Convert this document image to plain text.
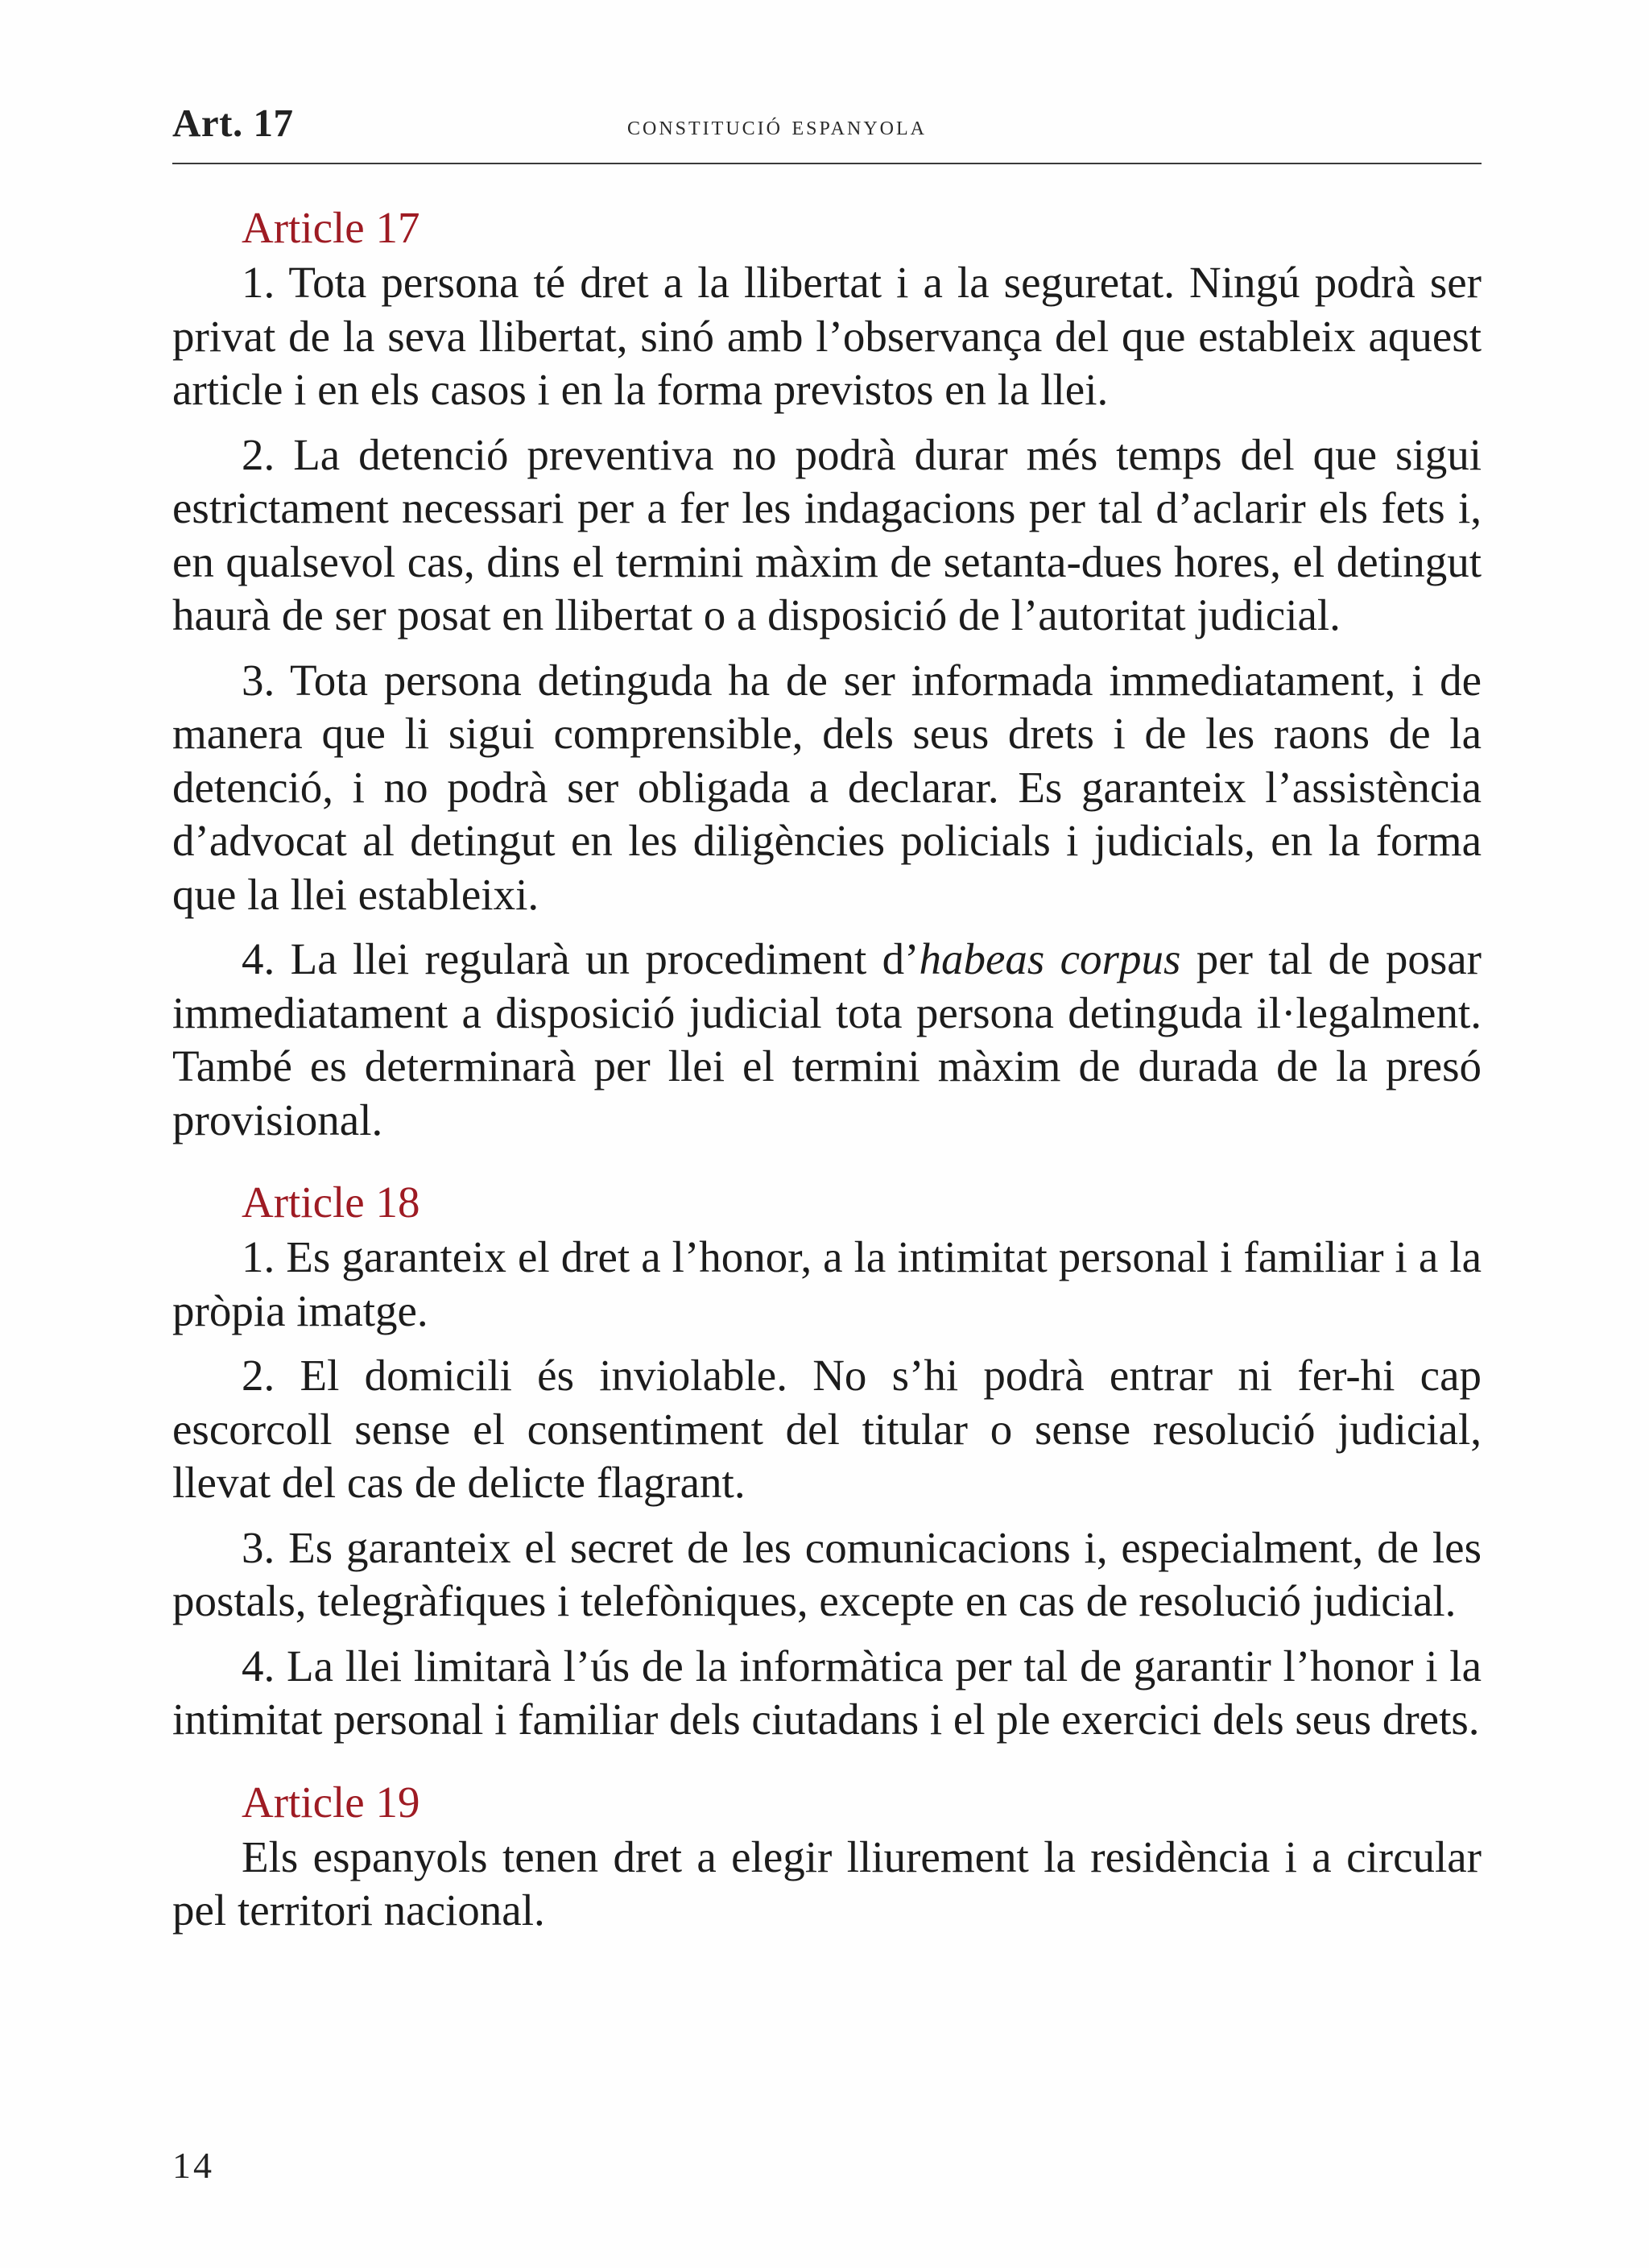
Art. 17	constitució espanyola
Article 17

1. Tota persona té dret a la llibertat i a la seguretat. Ningú podrà ser privat de la seva llibertat, sinó amb l’observança del que estableix aquest article i en els casos i en la forma previstos en la llei.

2. La detenció preventiva no podrà durar més temps del que sigui estrictament necessari per a fer les indagacions per tal d’aclarir els fets i, en qualsevol cas, dins el termini màxim de setanta-dues hores, el detingut haurà de ser posat en llibertat o a disposició de l’autoritat judicial.

3. Tota persona detinguda ha de ser informada immediatament, i de manera que li sigui comprensible, dels seus drets i de les raons de la detenció, i no podrà ser obligada a declarar. Es garanteix l’assistència d’advocat al detingut en les diligències policials i judicials, en la forma que la llei estableixi.

4. La llei regularà un procediment d’habeas corpus per tal de posar immediatament a disposició judicial tota persona detinguda il·legalment. També es determinarà per llei el termini màxim de durada de la presó provisional.

Article 18

1. Es garanteix el dret a l’honor, a la intimitat personal i familiar i a la pròpia imatge.

2. El domicili és inviolable. No s’hi podrà entrar ni fer-hi cap escorcoll sense el consentiment del titular o sense resolució judicial, llevat del cas de delicte flagrant.

3. Es garanteix el secret de les comunicacions i, especialment, de les postals, telegràfiques i telefòniques, excepte en cas de resolució judicial.

4. La llei limitarà l’ús de la informàtica per tal de garantir l’honor i la intimitat personal i familiar dels ciutadans i el ple exercici dels seus drets.

Article 19

Els espanyols tenen dret a elegir lliurement la residència i a circular pel territori nacional.

14
